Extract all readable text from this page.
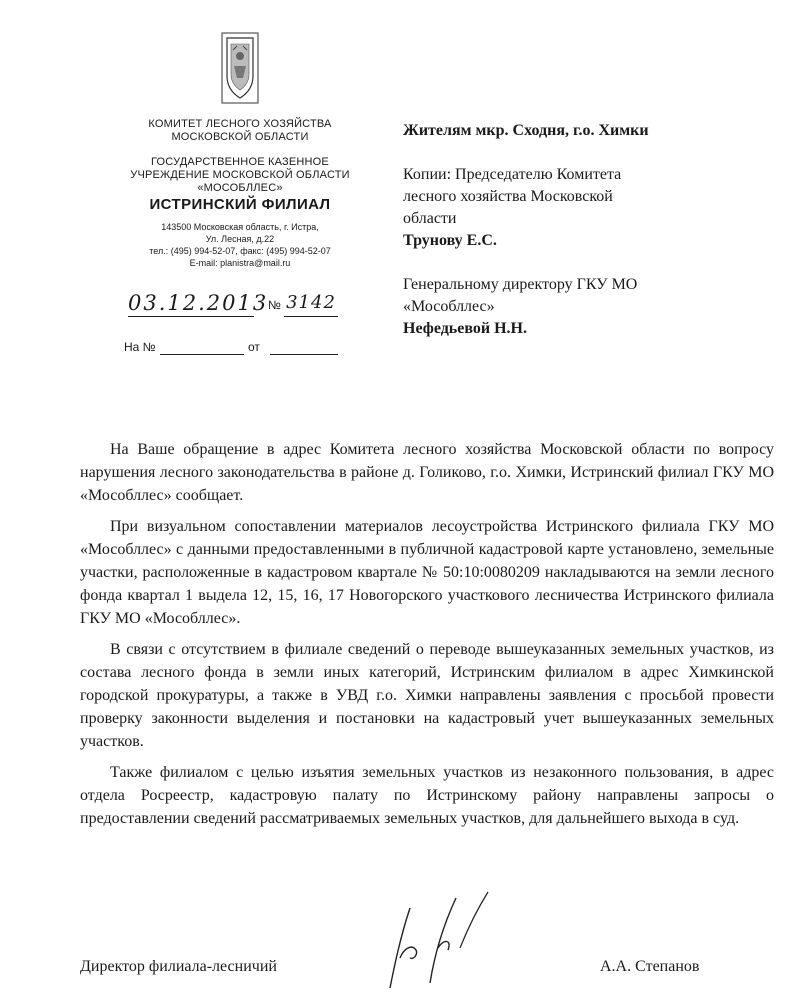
КОМИТЕТ ЛЕСНОГО ХОЗЯЙСТВА
МОСКОВСКОЙ ОБЛАСТИ
ГОСУДАРСТВЕННОЕ КАЗЕННОЕ
УЧРЕЖДЕНИЕ МОСКОВСКОЙ ОБЛАСТИ
«МОСОБЛЛЕС»
ИСТРИНСКИЙ ФИЛИАЛ
143500 Московская область, г. Истра,
Ул. Лесная, д.22
тел.: (495) 994-52-07, факс: (495) 994-52-07
E-mail: planistra@mail.ru
03.12.2013 № 3142
На №	от
Жителям мкр. Сходня, г.о. Химки
Копии: Председателю Комитета
лесного хозяйства Московской
области
Трунову Е.С.
Генеральному директору ГКУ МО
«Мособллес»
Нефедьевой Н.Н.

На Ваше обращение в адрес Комитета лесного хозяйства Московской области по вопросу нарушения лесного законодательства в районе д. Голиково, г.о. Химки, Истринский филиал ГКУ МО «Мособллес» сообщает.

При визуальном сопоставлении материалов лесоустройства Истринского филиала ГКУ МО «Мособллес» с данными предоставленными в публичной кадастровой карте установлено, земельные участки, расположенные в кадастровом квартале № 50:10:0080209 накладываются на земли лесного фонда квартал 1 выдела 12, 15, 16, 17 Новогорского участкового лесничества Истринского филиала ГКУ МО «Мособллес».

В связи с отсутствием в филиале сведений о переводе вышеуказанных земельных участков, из состава лесного фонда в земли иных категорий, Истринским филиалом в адрес Химкинской городской прокуратуры, а также в УВД г.о. Химки направлены заявления с просьбой провести проверку законности выделения и постановки на кадастровый учет вышеуказанных земельных участков.

Также филиалом с целью изъятия земельных участков из незаконного пользования, в адрес отдела Росреестр, кадастровую палату по Истринскому району направлены запросы о предоставлении сведений рассматриваемых земельных участков, для дальнейшего выхода в суд.

Директор филиала-лесничий	А.А. Степанов
